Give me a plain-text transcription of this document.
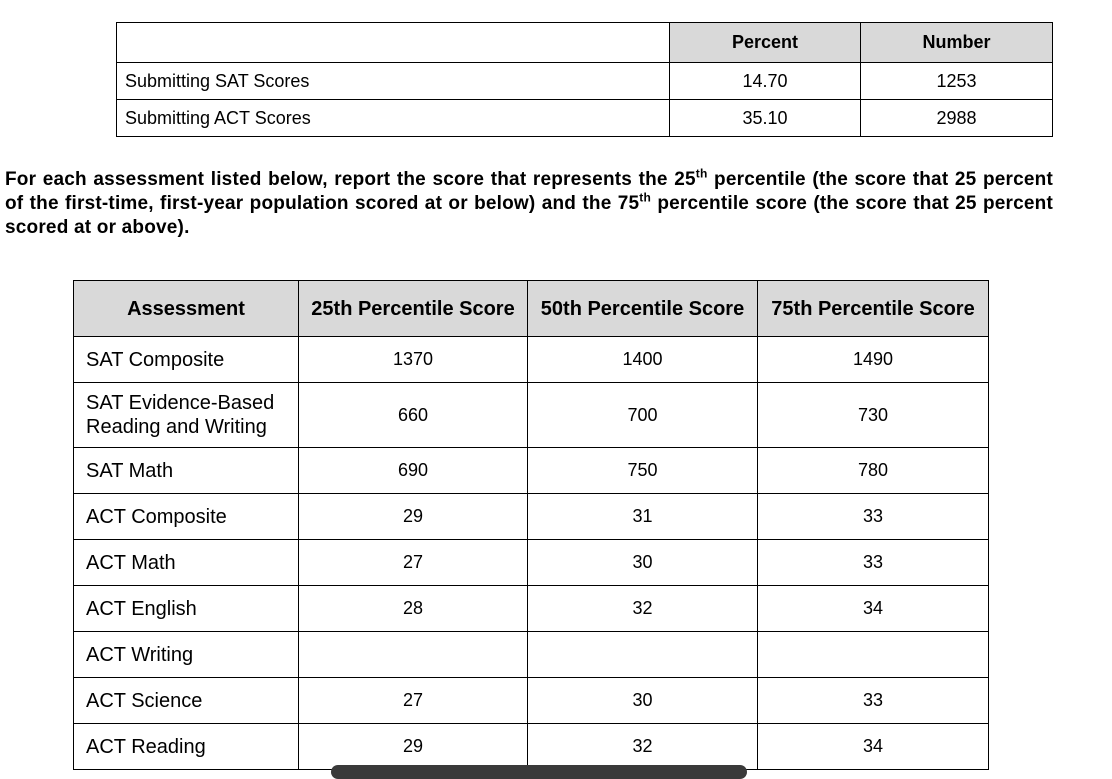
	Percent	Number
Submitting SAT Scores	14.70	1253
Submitting ACT Scores	35.10	2988

For each assessment listed below, report the score that represents the 25th percentile (the score that 25 percent of the first-time, first-year population scored at or below) and the 75th percentile score (the score that 25 percent scored at or above).

Assessment	25th Percentile Score	50th Percentile Score	75th Percentile Score
SAT Composite	1370	1400	1490
SAT Evidence-Based Reading and Writing	660	700	730
SAT Math	690	750	780
ACT Composite	29	31	33
ACT Math	27	30	33
ACT English	28	32	34
ACT Writing			
ACT Science	27	30	33
ACT Reading	29	32	34
